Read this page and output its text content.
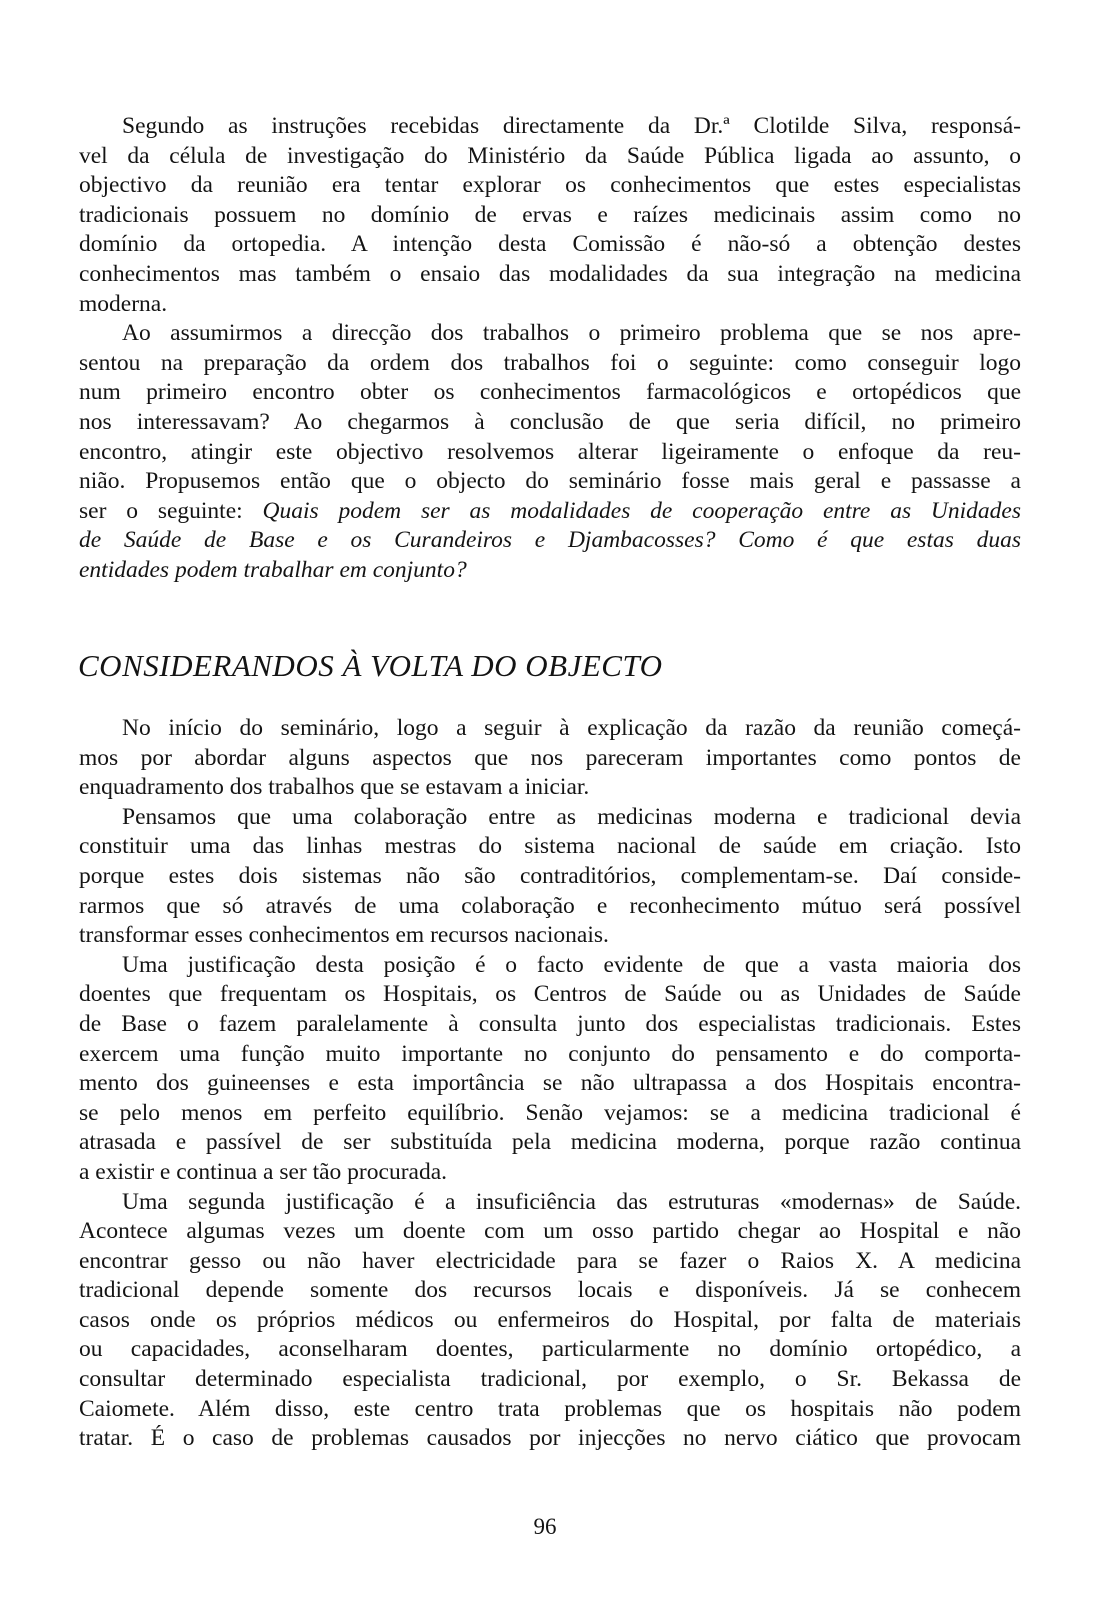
Segundo as instruções recebidas directamente da Dr.ª Clotilde Silva, responsá-
vel da célula de investigação do Ministério da Saúde Pública ligada ao assunto, o
objectivo da reunião era tentar explorar os conhecimentos que estes especialistas
tradicionais possuem no domínio de ervas e raízes medicinais assim como no
domínio da ortopedia. A intenção desta Comissão é não-só a obtenção destes
conhecimentos mas também o ensaio das modalidades da sua integração na medicina
moderna.
Ao assumirmos a direcção dos trabalhos o primeiro problema que se nos apre-
sentou na preparação da ordem dos trabalhos foi o seguinte: como conseguir logo
num primeiro encontro obter os conhecimentos farmacológicos e ortopédicos que
nos interessavam? Ao chegarmos à conclusão de que seria difícil, no primeiro
encontro, atingir este objectivo resolvemos alterar ligeiramente o enfoque da reu-
nião. Propusemos então que o objecto do seminário fosse mais geral e passasse a
ser o seguinte: Quais podem ser as modalidades de cooperação entre as Unidades
de Saúde de Base e os Curandeiros e Djambacosses? Como é que estas duas
entidades podem trabalhar em conjunto?
CONSIDERANDOS À VOLTA DO OBJECTO
No início do seminário, logo a seguir à explicação da razão da reunião começá-
mos por abordar alguns aspectos que nos pareceram importantes como pontos de
enquadramento dos trabalhos que se estavam a iniciar.
Pensamos que uma colaboração entre as medicinas moderna e tradicional devia
constituir uma das linhas mestras do sistema nacional de saúde em criação. Isto
porque estes dois sistemas não são contraditórios, complementam-se. Daí conside-
rarmos que só através de uma colaboração e reconhecimento mútuo será possível
transformar esses conhecimentos em recursos nacionais.
Uma justificação desta posição é o facto evidente de que a vasta maioria dos
doentes que frequentam os Hospitais, os Centros de Saúde ou as Unidades de Saúde
de Base o fazem paralelamente à consulta junto dos especialistas tradicionais. Estes
exercem uma função muito importante no conjunto do pensamento e do comporta-
mento dos guineenses e esta importância se não ultrapassa a dos Hospitais encontra-
se pelo menos em perfeito equilíbrio. Senão vejamos: se a medicina tradicional é
atrasada e passível de ser substituída pela medicina moderna, porque razão continua
a existir e continua a ser tão procurada.
Uma segunda justificação é a insuficiência das estruturas «modernas» de Saúde.
Acontece algumas vezes um doente com um osso partido chegar ao Hospital e não
encontrar gesso ou não haver electricidade para se fazer o Raios X. A medicina
tradicional depende somente dos recursos locais e disponíveis. Já se conhecem
casos onde os próprios médicos ou enfermeiros do Hospital, por falta de materiais
ou capacidades, aconselharam doentes, particularmente no domínio ortopédico, a
consultar determinado especialista tradicional, por exemplo, o Sr. Bekassa de
Caiomete. Além disso, este centro trata problemas que os hospitais não podem
tratar. É o caso de problemas causados por injecções no nervo ciático que provocam
96
